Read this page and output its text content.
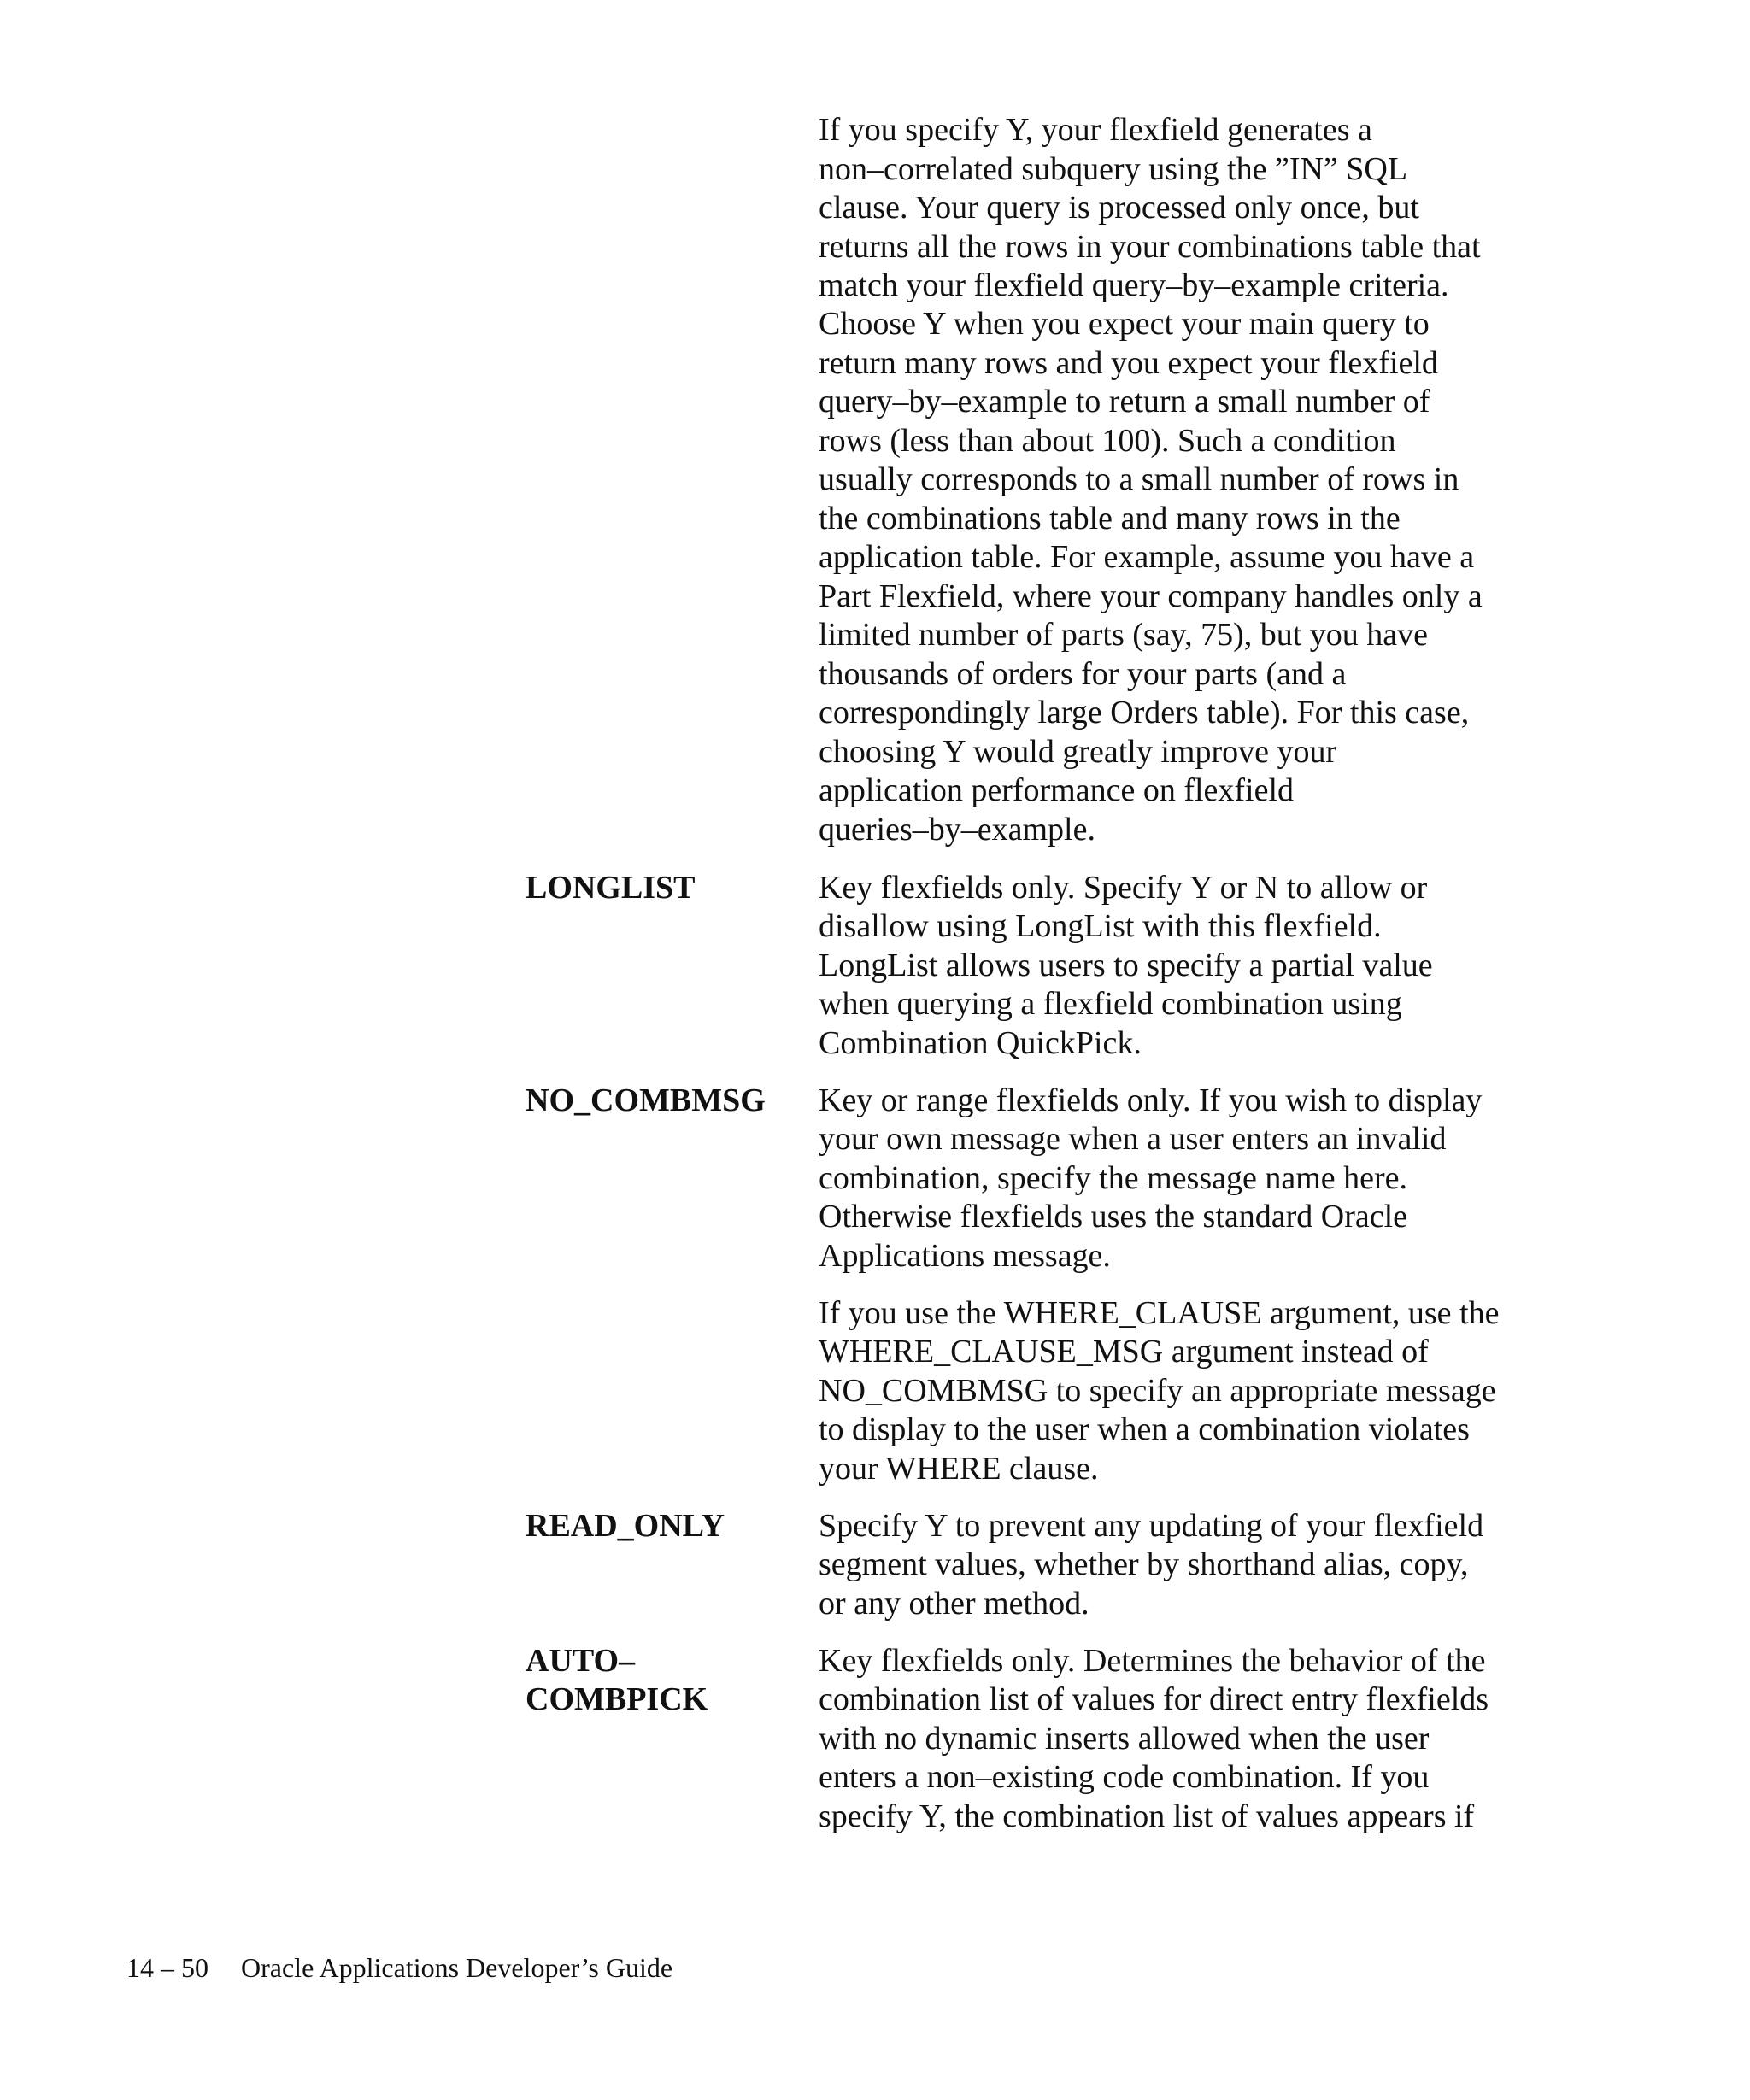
If you specify Y, your flexfield generates a
non–correlated subquery using the ”IN” SQL
clause. Your query is processed only once, but
returns all the rows in your combinations table that
match your flexfield query–by–example criteria.
Choose Y when you expect your main query to
return many rows and you expect your flexfield
query–by–example to return a small number of
rows (less than about 100). Such a condition
usually corresponds to a small number of rows in
the combinations table and many rows in the
application table. For example, assume you have a
Part Flexfield, where your company handles only a
limited number of parts (say, 75), but you have
thousands of orders for your parts (and a
correspondingly large Orders table). For this case,
choosing Y would greatly improve your
application performance on flexfield
queries–by–example.
LONGLIST	Key flexfields only. Specify Y or N to allow or
disallow using LongList with this flexfield.
LongList allows users to specify a partial value
when querying a flexfield combination using
Combination QuickPick.
NO_COMBMSG Key or range flexfields only. If you wish to display
your own message when a user enters an invalid
combination, specify the message name here.
Otherwise flexfields uses the standard Oracle
Applications message.
If you use the WHERE_CLAUSE argument, use the
WHERE_CLAUSE_MSG argument instead of
NO_COMBMSG to specify an appropriate message
to display to the user when a combination violates
your WHERE clause.
READ_ONLY	Specify Y to prevent any updating of your flexfield
segment values, whether by shorthand alias, copy,
or any other method.
AUTO–
COMBPICK
Key flexfields only. Determines the behavior of the
combination list of values for direct entry flexfields
with no dynamic inserts allowed when the user
enters a non–existing code combination. If you
specify Y, the combination list of values appears if
14 – 50 Oracle Applications Developer’s Guide
